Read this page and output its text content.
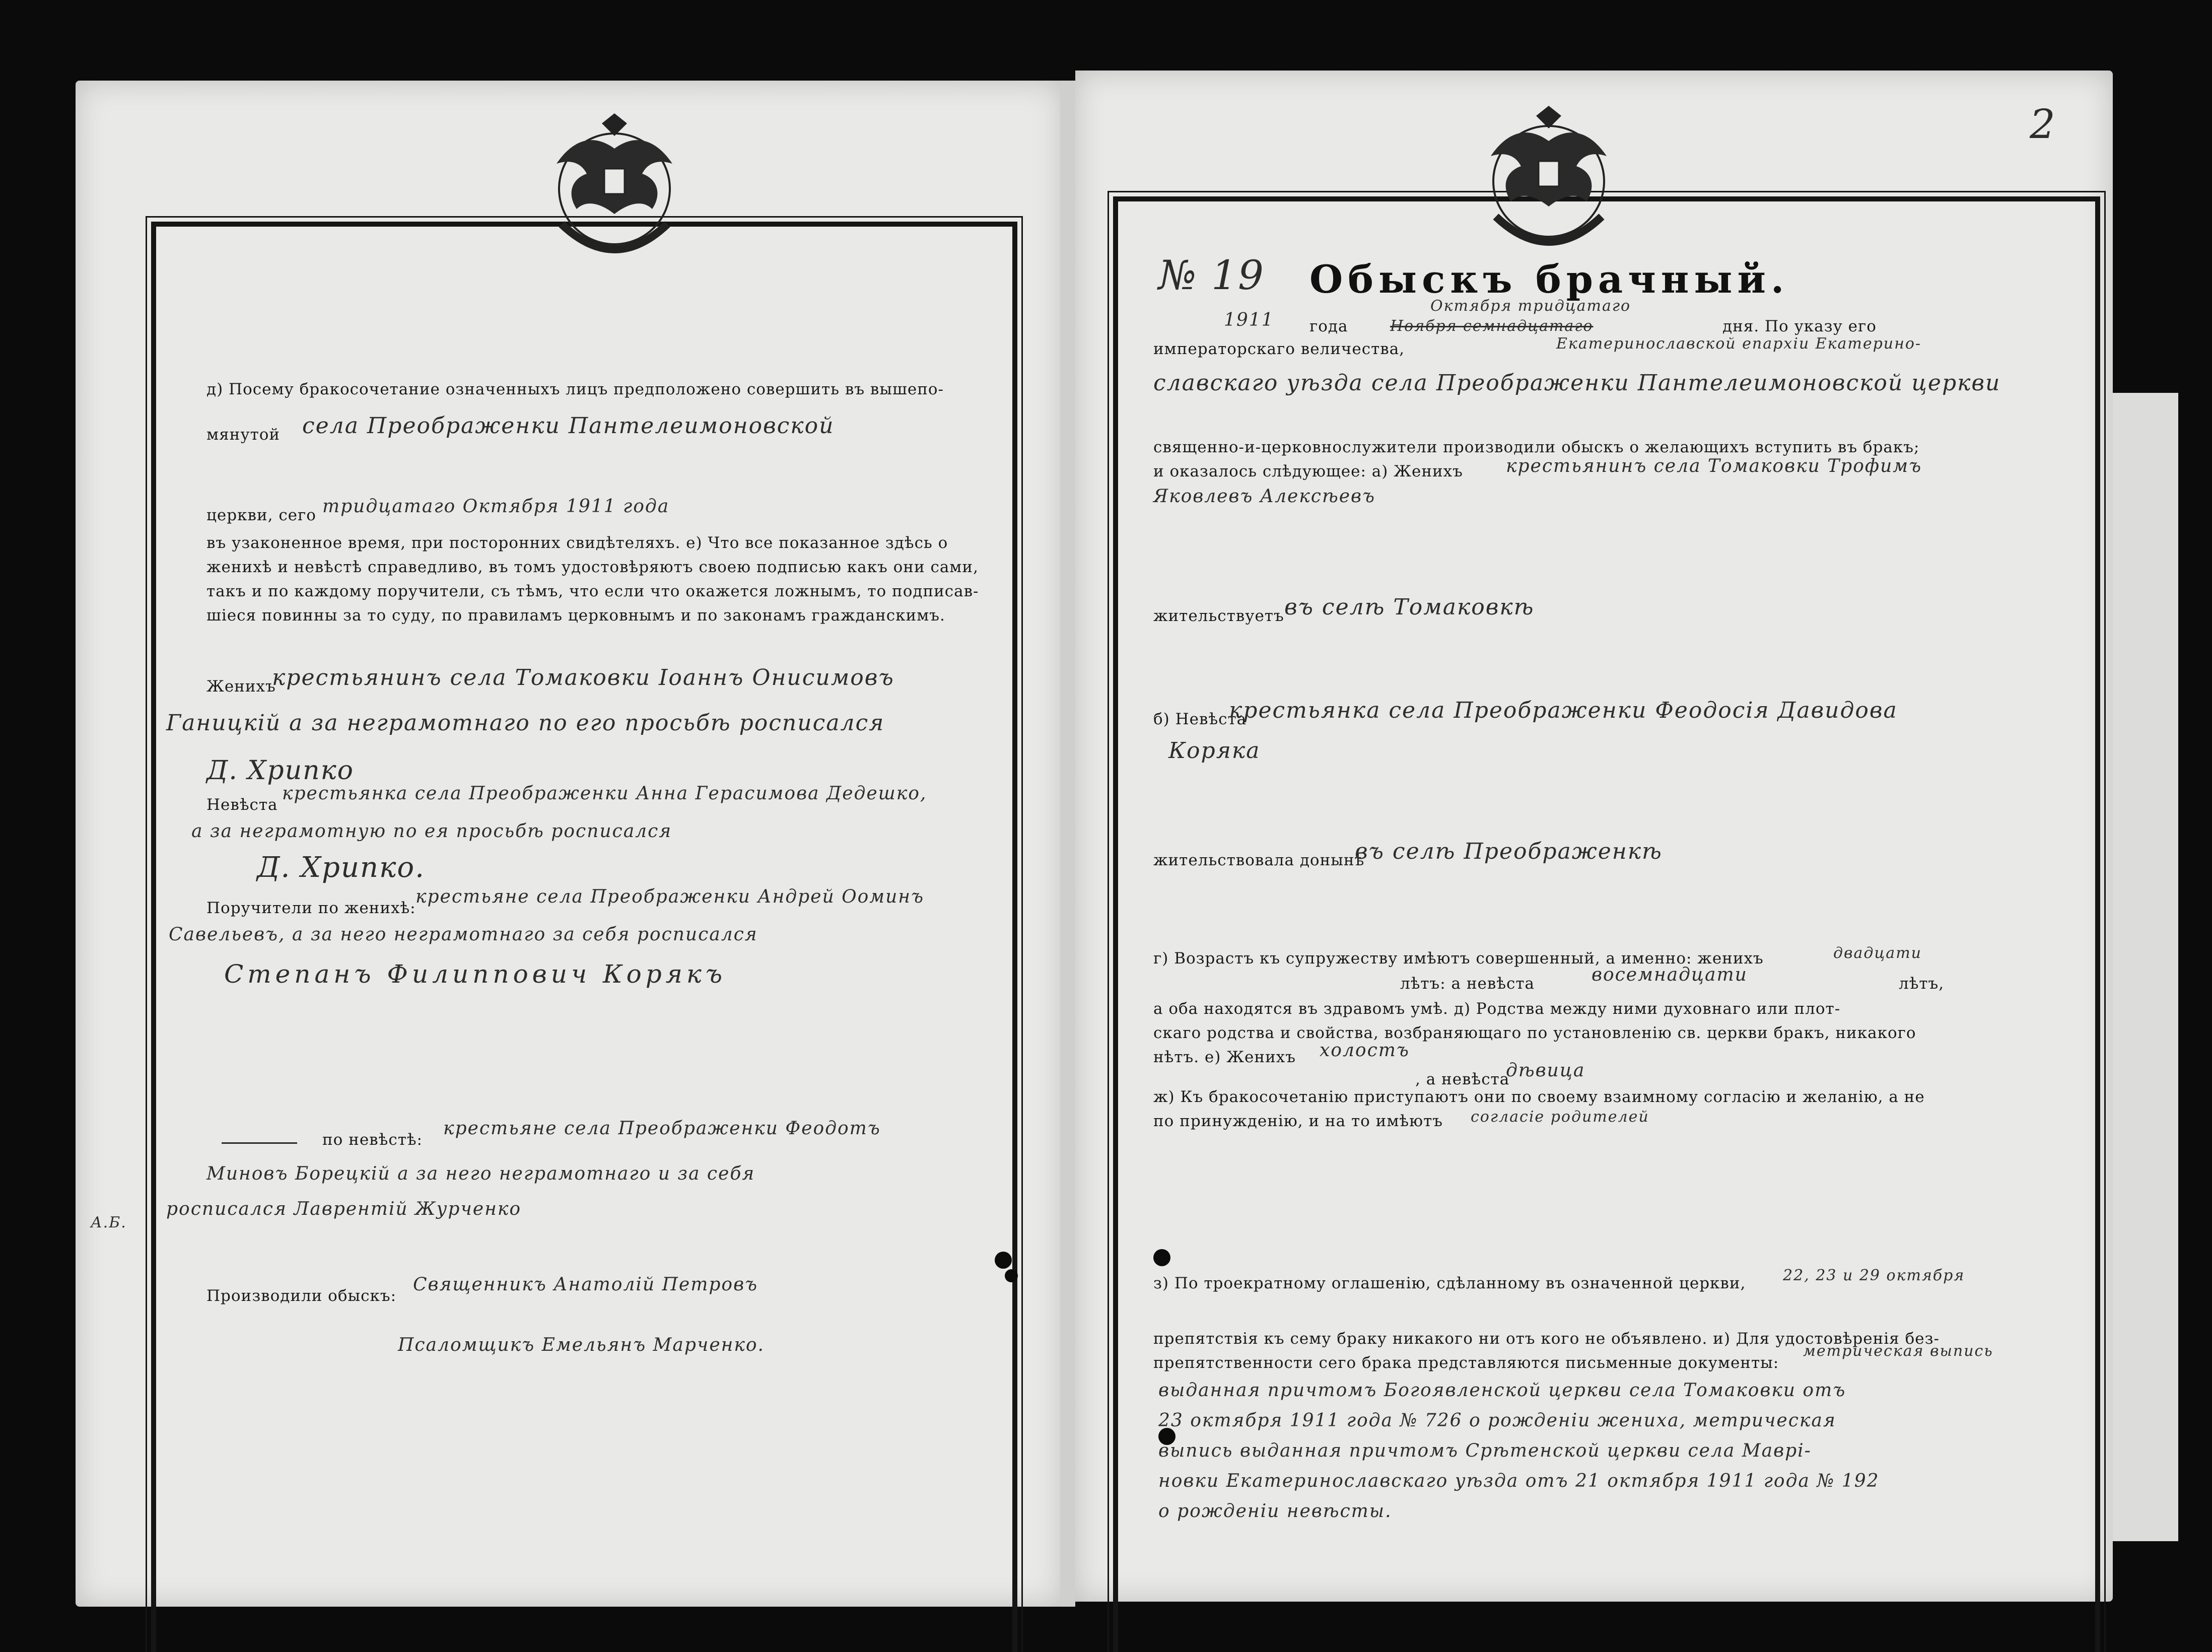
2
д) Посему бракосочетание означенныхъ лицъ предположено совершить въ вышепо-
мянутой села Преображенки Пантелеимоновской
церкви, сего тридцатаго Октября 1911 года
въ узаконенное время, при посторонних свидѣтеляхъ. е) Что все показанное здѣсь о
женихѣ и невѣстѣ справедливо, въ томъ удостовѣряютъ своею подписью какъ они сами,
такъ и по каждому поручители, съ тѣмъ, что если что окажется ложнымъ, то подписав-
шіеся повинны за то суду, по правиламъ церковнымъ и по законамъ гражданскимъ.
Женихъ
крестьянинъ села Томаковки Іоаннъ Онисимовъ
Ганицкій а за неграмотнаго по его просьбѣ росписался
Д. Хрипко
Невѣста
крестьянка села Преображенки Анна Герасимова Дедешко,
а за неграмотную по ея просьбѣ росписался
Д. Хрипко.
Поручители по женихѣ:
крестьяне села Преображенки Андрей Ооминъ
Савельевъ, а за него неграмотнаго за себя росписался
Степанъ Филиппович Корякъ
по невѣстѣ:
крестьяне села Преображенки Феодотъ
Миновъ Борецкій а за него неграмотнаго и за себя
росписался Лаврентій Журченко
А.Б.
Производили обыскъ:
Священникъ Анатолій Петровъ
Псаломщикъ Емельянъ Марченко.
№ 19 Обыскъ брачный.
1911 года
Октября тридцатаго
Ноября семнадцатаго	дня. По указу его
императорскаго величества,	Екатеринославской епархіи Екатерино-
славскаго уѣзда села Преображенки Пантелеимоновской церкви
священно-и-церковнослужители производили обыскъ о желающихъ вступить въ бракъ;
и оказалось слѣдующее: а) Женихъ крестьянинъ села Томаковки Трофимъ
Яковлевъ Алексѣевъ
жительствуетъ въ селѣ Томаковкѣ
б) Невѣста
крестьянка села Преображенки Феодосія Давидова
Коряка
жительствовала донынѣ
въ селѣ Преображенкѣ
г) Возрастъ къ супружеству имѣютъ совершенный, а именно: женихъ	двадцати
лѣтъ: а невѣста	восемнадцати	лѣтъ,
а оба находятся въ здравомъ умѣ. д) Родства между ними духовнаго или плот-
скаго родства и свойства, возбраняющаго по установленію св. церкви бракъ, никакого
нѣтъ. е) Женихъ холостъ
, а невѣста
дѣвица
ж) Къ бракосочетанію приступаютъ они по своему взаимному согласію и желанію, а не
по принужденію, и на то имѣютъ согласіе родителей
з) По троекратному оглашенію, сдѣланному въ означенной церкви, 22, 23 и 29 октября
препятствія къ сему браку никакого ни отъ кого не объявлено. и) Для удостовѣренія без-
препятственности сего брака представляются письменные документы:
метрическая выпись
выданная причтомъ Богоявленской церкви села Томаковки отъ
23 октября 1911 года № 726 о рожденіи жениха, метрическая
выпись выданная причтомъ Срѣтенской церкви села Маврі-
новки Екатеринославскаго уѣзда отъ 21 октября 1911 года № 192
о рожденіи невѣсты.
